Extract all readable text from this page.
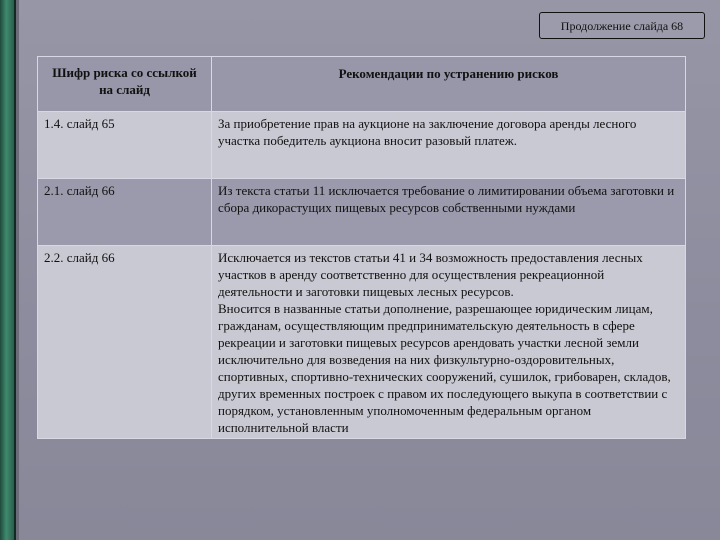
Продолжение слайда 68
Шифр риска со ссылкой на слайд	Рекомендации по устранению рисков
1.4. слайд 65	За приобретение прав на аукционе на заключение договора аренды лесного участка победитель аукциона вносит разовый платеж.
2.1. слайд 66	Из текста статьи 11 исключается требование о лимитировании объема заготовки и сбора дикорастущих пищевых ресурсов собственными нуждами
2.2. слайд 66	Исключается из текстов статьи 41 и 34 возможность предоставления лесных участков в аренду соответственно для осуществления рекреационной деятельности и заготовки пищевых лесных ресурсов.
Вносится в названные статьи дополнение, разрешающее юридическим лицам, гражданам, осуществляющим предпринимательскую деятельность в сфере рекреации и заготовки пищевых ресурсов арендовать участки лесной земли исключительно для возведения на них физкультурно-оздоровительных, спортивных, спортивно-технических сооружений, сушилок, грибоварен, складов, других временных построек с правом их последующего выкупа в соответствии с порядком, установленным уполномоченным федеральным органом исполнительной власти
